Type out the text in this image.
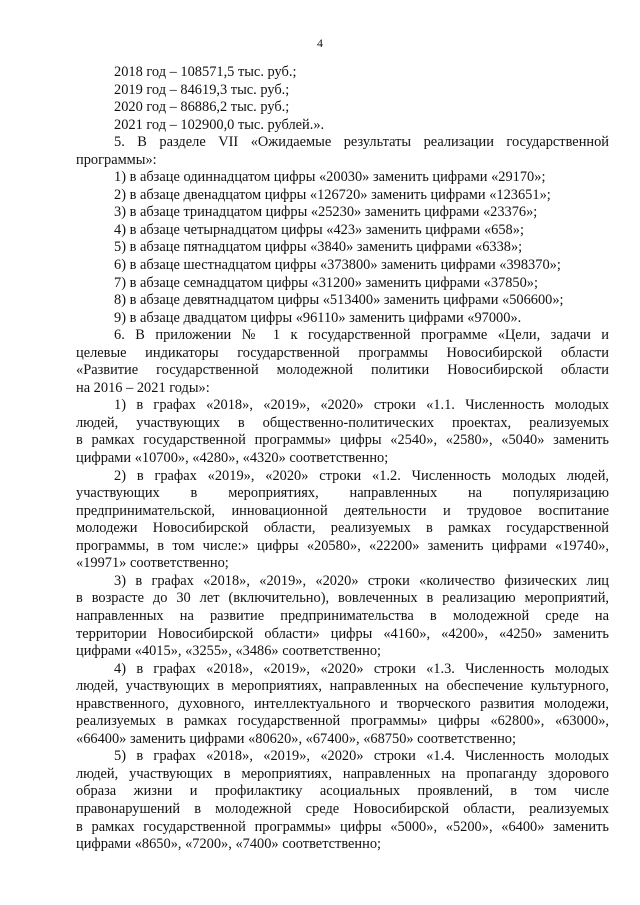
4
2018 год – 108571,5 тыс. руб.;
2019 год – 84619,3 тыс. руб.;
2020 год – 86886,2 тыс. руб.;
2021 год – 102900,0 тыс. рублей.».
5. В разделе VII «Ожидаемые результаты реализации государственной
программы»:
1) в абзаце одиннадцатом цифры «20030» заменить цифрами «29170»;
2) в абзаце двенадцатом цифры «126720» заменить цифрами «123651»;
3) в абзаце тринадцатом цифры «25230» заменить цифрами «23376»;
4) в абзаце четырнадцатом цифры «423» заменить цифрами «658»;
5) в абзаце пятнадцатом цифры «3840» заменить цифрами «6338»;
6) в абзаце шестнадцатом цифры «373800» заменить цифрами «398370»;
7) в абзаце семнадцатом цифры «31200» заменить цифрами «37850»;
8) в абзаце девятнадцатом цифры «513400» заменить цифрами «506600»;
9) в абзаце двадцатом цифры «96110» заменить цифрами «97000».
6. В приложении № 1 к государственной программе «Цели, задачи и
целевые индикаторы государственной программы Новосибирской области
«Развитие государственной молодежной политики Новосибирской области
на 2016 – 2021 годы»:
1) в графах «2018», «2019», «2020» строки «1.1. Численность молодых
людей, участвующих в общественно-политических проектах, реализуемых
в рамках государственной программы» цифры «2540», «2580», «5040» заменить
цифрами «10700», «4280», «4320» соответственно;
2) в графах «2019», «2020» строки «1.2. Численность молодых людей,
участвующих в мероприятиях, направленных на популяризацию
предпринимательской, инновационной деятельности и трудовое воспитание
молодежи Новосибирской области, реализуемых в рамках государственной
программы, в том числе:» цифры «20580», «22200» заменить цифрами «19740»,
«19971» соответственно;
3) в графах «2018», «2019», «2020» строки «количество физических лиц
в возрасте до 30 лет (включительно), вовлеченных в реализацию мероприятий,
направленных на развитие предпринимательства в молодежной среде на
территории Новосибирской области» цифры «4160», «4200», «4250» заменить
цифрами «4015», «3255», «3486» соответственно;
4) в графах «2018», «2019», «2020» строки «1.3. Численность молодых
людей, участвующих в мероприятиях, направленных на обеспечение культурного,
нравственного, духовного, интеллектуального и творческого развития молодежи,
реализуемых в рамках государственной программы» цифры «62800», «63000»,
«66400» заменить цифрами «80620», «67400», «68750» соответственно;
5) в графах «2018», «2019», «2020» строки «1.4. Численность молодых
людей, участвующих в мероприятиях, направленных на пропаганду здорового
образа жизни и профилактику асоциальных проявлений, в том числе
правонарушений в молодежной среде Новосибирской области, реализуемых
в рамках государственной программы» цифры «5000», «5200», «6400» заменить
цифрами «8650», «7200», «7400» соответственно;
